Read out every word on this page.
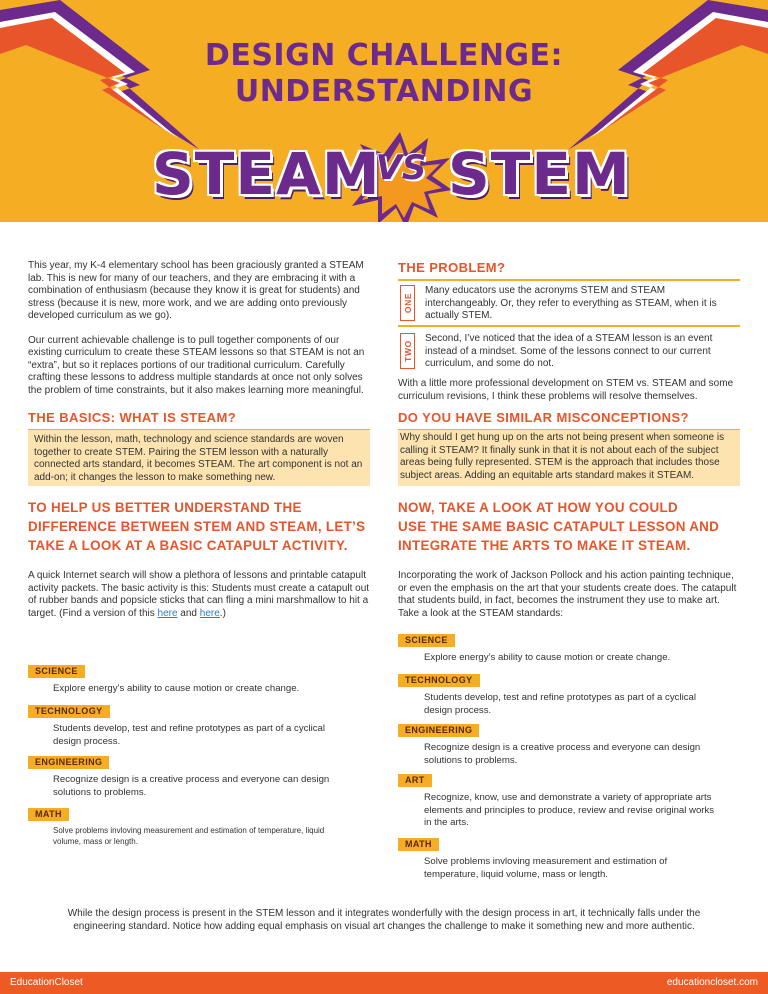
DESIGN CHALLENGE:
UNDERSTANDING
STEAM
VS STEM

This year, my K-4 elementary school has been graciously granted a STEAM lab. This is new for many of our teachers, and they are embracing it with a combination of enthusiasm (because they know it is great for students) and stress (because it is new, more work, and we are adding onto previously developed curriculum as we go).

Our current achievable challenge is to pull together components of our existing curriculum to create these STEAM lessons so that STEAM is not an “extra”, but so it replaces portions of our traditional curriculum. Carefully crafting these lessons to address multiple standards at once not only solves the problem of time constraints, but it also makes learning more meaningful.

THE PROBLEM?
ONE

Many educators use the acronyms STEM and STEAM interchangeably. Or, they refer to everything as STEAM, when it is actually STEM.

TWO

Second, I’ve noticed that the idea of a STEAM lesson is an event instead of a mindset. Some of the lessons connect to our current curriculum, and some do not.

With a little more professional development on STEM vs. STEAM and some curriculum revisions, I think these problems will resolve themselves.

THE BASICS: WHAT IS STEAM?

Within the lesson, math, technology and science standards are woven together to create STEM. Pairing the STEM lesson with a naturally connected arts standard, it becomes STEAM. The art component is not an add-on; it changes the lesson to make something new.

DO YOU HAVE SIMILAR MISCONCEPTIONS?

Why should I get hung up on the arts not being present when someone is calling it STEAM? It finally sunk in that it is not about each of the subject areas being fully represented. STEM is the approach that includes those subject areas. Adding an equitable arts standard makes it STEAM.

TO HELP US BETTER UNDERSTAND THE
DIFFERENCE BETWEEN STEM AND STEAM, LET’S
TAKE A LOOK AT A BASIC CATAPULT ACTIVITY.
NOW, TAKE A LOOK AT HOW YOU COULD
USE THE SAME BASIC CATAPULT LESSON AND
INTEGRATE THE ARTS TO MAKE IT STEAM.

A quick Internet search will show a plethora of lessons and printable catapult activity packets. The basic activity is this: Students must create a catapult out of rubber bands and popsicle sticks that can fling a mini marshmallow to hit a target. (Find a version of this here and here.)

Incorporating the work of Jackson Pollock and his action painting technique, or even the emphasis on the art that your students create does. The catapult that students build, in fact, becomes the instrument they use to make art. Take a look at the STEAM standards:

SCIENCE
Explore energy’s ability to cause motion or create change.
TECHNOLOGY
Students develop, test and refine prototypes as part of a cyclical design process.
ENGINEERING
Recognize design is a creative process and everyone can design solutions to problems.
MATH
Solve problems invloving measurement and estimation of temperature, liquid volume, mass or length.
SCIENCE
Explore energy’s ability to cause motion or create change.
TECHNOLOGY
Students develop, test and refine prototypes as part of a cyclical design process.
ENGINEERING
Recognize design is a creative process and everyone can design solutions to problems.
ART
Recognize, know, use and demonstrate a variety of appropriate arts elements and principles to produce, review and revise original works in the arts.
MATH
Solve problems invloving measurement and estimation of temperature, liquid volume, mass or length.

While the design process is present in the STEM lesson and it integrates wonderfully with the design process in art, it technically falls under the engineering standard. Notice how adding equal emphasis on visual art changes the challenge to make it something new and more authentic.

EducationCloset	educationcloset.com
